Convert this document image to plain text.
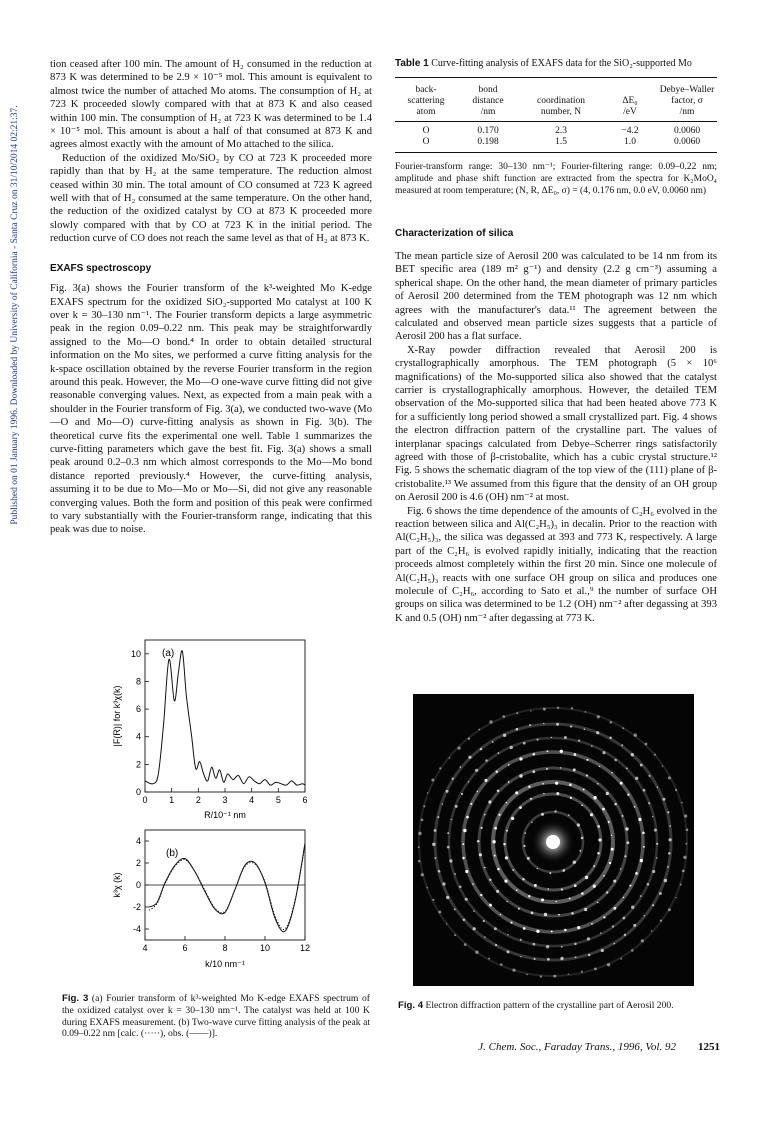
Published on 01 January 1996. Downloaded by University of California - Santa Cruz on 31/10/2014 02:21:37.

tion ceased after 100 min. The amount of H₂ consumed in the reduction at 873 K was determined to be 2.9 × 10⁻⁵ mol. This amount is equivalent to almost twice the number of attached Mo atoms. The consumption of H₂ at 723 K proceeded slowly compared with that at 873 K and also ceased within 100 min. The consumption of H₂ at 723 K was determined to be 1.4 × 10⁻⁵ mol. This amount is about a half of that consumed at 873 K and agrees almost exactly with the amount of Mo attached to the silica.

Reduction of the oxidized Mo/SiO₂ by CO at 723 K proceeded more rapidly than that by H₂ at the same temperature. The reduction almost ceased within 30 min. The total amount of CO consumed at 723 K agreed well with that of H₂ consumed at the same temperature. On the other hand, the reduction of the oxidized catalyst by CO at 873 K proceeded more slowly compared with that by CO at 723 K in the initial period. The reduction curve of CO does not reach the same level as that of H₂ at 873 K.

EXAFS spectroscopy

Fig. 3(a) shows the Fourier transform of the k³-weighted Mo K-edge EXAFS spectrum for the oxidized SiO₂-supported Mo catalyst at 100 K over k = 30–130 nm⁻¹. The Fourier transform depicts a large asymmetric peak in the region 0.09–0.22 nm. This peak may be straightforwardly assigned to the Mo—O bond.⁴ In order to obtain detailed structural information on the Mo sites, we performed a curve fitting analysis for the k-space oscillation obtained by the reverse Fourier transform in the region around this peak. However, the Mo—O one-wave curve fitting did not give reasonable converging values. Next, as expected from a main peak with a shoulder in the Fourier transform of Fig. 3(a), we conducted two-wave (Mo—O and Mo—O) curve-fitting analysis as shown in Fig. 3(b). The theoretical curve fits the experimental one well. Table 1 summarizes the curve-fitting parameters which gave the best fit. Fig. 3(a) shows a small peak around 0.2–0.3 nm which almost corresponds to the Mo—Mo bond distance reported previously.⁴ However, the curve-fitting analysis, assuming it to be due to Mo—Mo or Mo—Si, did not give any reasonable converging values. Both the form and position of this peak were confirmed to vary substantially with the Fourier-transform range, indicating that this peak was due to noise.

Table 1 Curve-fitting analysis of EXAFS data for the SiO₂-supported Mo
back-
scattering
atom	bond
distance
/nm	coordination
number, N	ΔE₀
/eV	Debye–Waller
factor, σ
/nm
O	0.170	2.3	−4.2	0.0060
O	0.198	1.5	1.0	0.0060
Fourier-transform range: 30–130 nm⁻¹; Fourier-filtering range: 0.09–0.22 nm; amplitude and phase shift function are extracted from the spectra for K₂MoO₄ measured at room temperature; (N, R, ΔE₀, σ) = (4, 0.176 nm, 0.0 eV, 0.0060 nm)
Characterization of silica

The mean particle size of Aerosil 200 was calculated to be 14 nm from its BET specific area (189 m² g⁻¹) and density (2.2 g cm⁻³) assuming a spherical shape. On the other hand, the mean diameter of primary particles of Aerosil 200 determined from the TEM photograph was 12 nm which agrees with the manufacturer's data.¹¹ The agreement between the calculated and observed mean particle sizes suggests that a particle of Aerosil 200 has a flat surface.

X-Ray powder diffraction revealed that Aerosil 200 is crystallographically amorphous. The TEM photograph (5 × 10⁶ magnifications) of the Mo-supported silica also showed that the catalyst carrier is crystallographically amorphous. However, the detailed TEM observation of the Mo-supported silica that had been heated above 773 K for a sufficiently long period showed a small crystallized part. Fig. 4 shows the electron diffraction pattern of the crystalline part. The values of interplanar spacings calculated from Debye–Scherrer rings satisfactorily agreed with those of β-cristobalite, which has a cubic crystal structure.¹² Fig. 5 shows the schematic diagram of the top view of the (111) plane of β-cristobalite.¹³ We assumed from this figure that the density of an OH group on Aerosil 200 is 4.6 (OH) nm⁻² at most.

Fig. 6 shows the time dependence of the amounts of C₂H₆ evolved in the reaction between silica and Al(C₂H₅)₃ in decalin. Prior to the reaction with Al(C₂H₅)₃, the silica was degassed at 393 and 773 K, respectively. A large part of the C₂H₆ is evolved rapidly initially, indicating that the reaction proceeds almost completely within the first 20 min. Since one molecule of Al(C₂H₅)₃ reacts with one surface OH group on silica and produces one molecule of C₂H₆, according to Sato et al.,⁹ the number of surface OH groups on silica was determined to be 1.2 (OH) nm⁻² after degassing at 393 K and 0.5 (OH) nm⁻² after degassing at 773 K.

(a)
|F(R)| for k³χ(k)
R/10⁻¹ nm
0 1 2 3 4 5 6
0
2
4
6
8
10
(b)
k³χ (k)
k/10 nm⁻¹
4	6	8	10	12
-4
-2
0
2
4
Fig. 3 (a) Fourier transform of k³-weighted Mo K-edge EXAFS spectrum of the oxidized catalyst over k = 30–130 nm⁻¹. The catalyst was held at 100 K during EXAFS measurement. (b) Two-wave curve fitting analysis of the peak at 0.09–0.22 nm [calc. (·····), obs. (——)].
Fig. 4 Electron diffraction pattern of the crystalline part of Aerosil 200.
J. Chem. Soc., Faraday Trans., 1996, Vol. 92 1251
